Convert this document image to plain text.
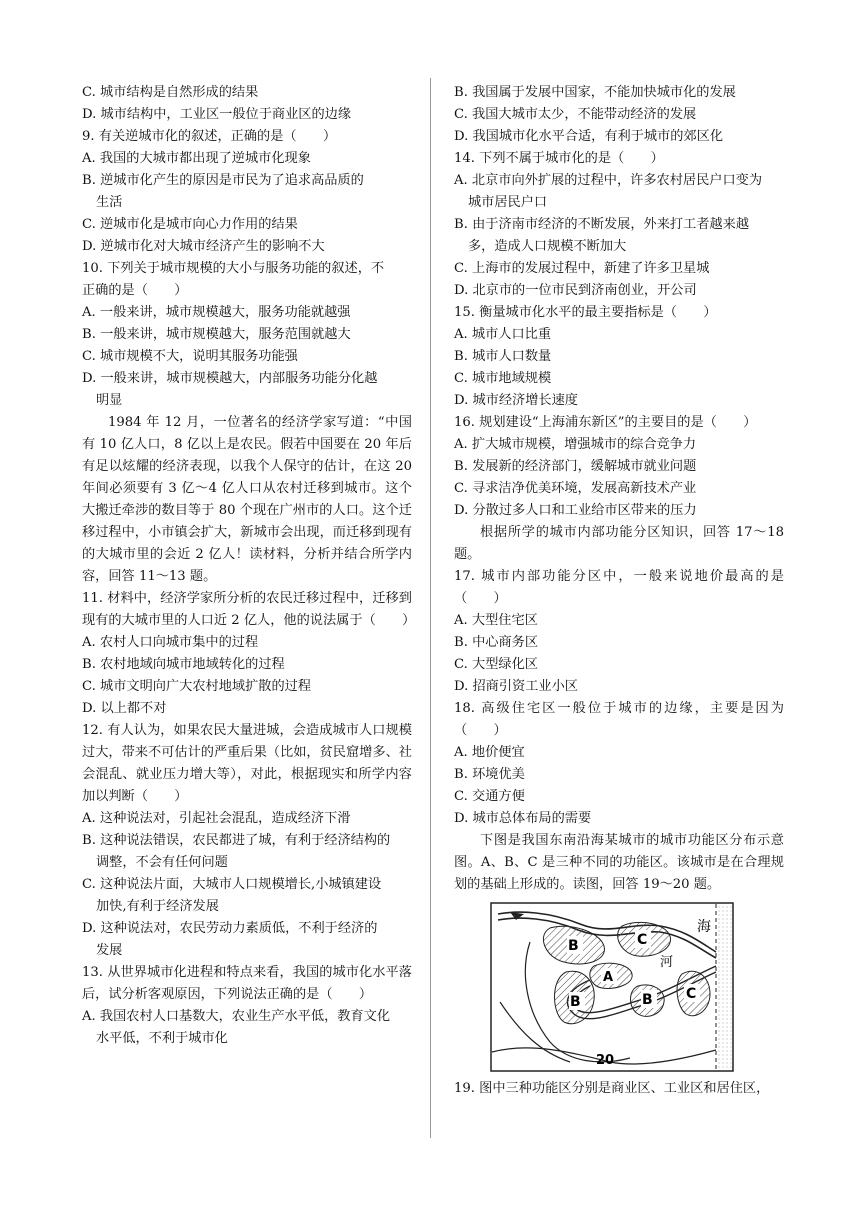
C. 城市结构是自然形成的结果
D. 城市结构中，工业区一般位于商业区的边缘
9. 有关逆城市化的叙述，正确的是（　　）
A. 我国的大城市都出现了逆城市化现象
B. 逆城市化产生的原因是市民为了追求高品质的
生活
C. 逆城市化是城市向心力作用的结果
D. 逆城市化对大城市经济产生的影响不大
10. 下列关于城市规模的大小与服务功能的叙述，不
正确的是（　　）
A. 一般来讲，城市规模越大，服务功能就越强
B. 一般来讲，城市规模越大，服务范围就越大
C. 城市规模不大，说明其服务功能强
D. 一般来讲，城市规模越大，内部服务功能分化越
明显
1984 年 12 月，一位著名的经济学家写道：“中国有 10 亿人口，8 亿以上是农民。假若中国要在 20 年后有足以炫耀的经济表现，以我个人保守的估计，在这 20 年间必须要有 3 亿～4 亿人口从农村迁移到城市。这个大搬迁牵涉的数目等于 80 个现在广州市的人口。这个迁移过程中，小市镇会扩大，新城市会出现，而迁移到现有的大城市里的会近 2 亿人！读材料，分析并结合所学内容，回答 11～13 题。
11. 材料中，经济学家所分析的农民迁移过程中，迁移到现有的大城市里的人口近 2 亿人，他的说法属于（　　）
A. 农村人口向城市集中的过程
B. 农村地域向城市地域转化的过程
C. 城市文明向广大农村地域扩散的过程
D. 以上都不对
12. 有人认为，如果农民大量进城，会造成城市人口规模过大，带来不可估计的严重后果（比如，贫民窟增多、社会混乱、就业压力增大等），对此，根据现实和所学内容加以判断（　　）
A. 这种说法对，引起社会混乱，造成经济下滑
B. 这种说法错误，农民都进了城，有利于经济结构的
调整，不会有任何问题
C. 这种说法片面，大城市人口规模增长,小城镇建设
加快,有利于经济发展
D. 这种说法对，农民劳动力素质低，不利于经济的
发展
13. 从世界城市化进程和特点来看，我国的城市化水平落后，试分析客观原因，下列说法正确的是（　　）
A. 我国农村人口基数大，农业生产水平低，教育文化
水平低，不利于城市化
B. 我国属于发展中国家，不能加快城市化的发展
C. 我国大城市太少，不能带动经济的发展
D. 我国城市化水平合适，有利于城市的郊区化
14. 下列不属于城市化的是（　　）
A. 北京市向外扩展的过程中，许多农村居民户口变为
城市居民户口
B. 由于济南市经济的不断发展，外来打工者越来越
多，造成人口规模不断加大
C. 上海市的发展过程中，新建了许多卫星城
D. 北京市的一位市民到济南创业，开公司
15. 衡量城市化水平的最主要指标是（　　）
A. 城市人口比重
B. 城市人口数量
C. 城市地域规模
D. 城市经济增长速度
16. 规划建设“上海浦东新区”的主要目的是（　　）
A. 扩大城市规模，增强城市的综合竞争力
B. 发展新的经济部门，缓解城市就业问题
C. 寻求洁净优美环境，发展高新技术产业
D. 分散过多人口和工业给市区带来的压力
根据所学的城市内部功能分区知识，回答 17～18 题。
17. 城市内部功能分区中，一般来说地价最高的是（　　）
A. 大型住宅区
B. 中心商务区
C. 大型绿化区
D. 招商引资工业小区
18. 高级住宅区一般位于城市的边缘，主要是因为（　　）
A. 地价便宜
B. 环境优美
C. 交通方便
D. 城市总体布局的需要
下图是我国东南沿海某城市的城市功能区分布示意图。A、B、C 是三种不同的功能区。该城市是在合理规划的基础上形成的。读图，回答 19～20 题。
B	C
C
A
B	B
河
海
20
19. 图中三种功能区分别是商业区、工业区和居住区，
